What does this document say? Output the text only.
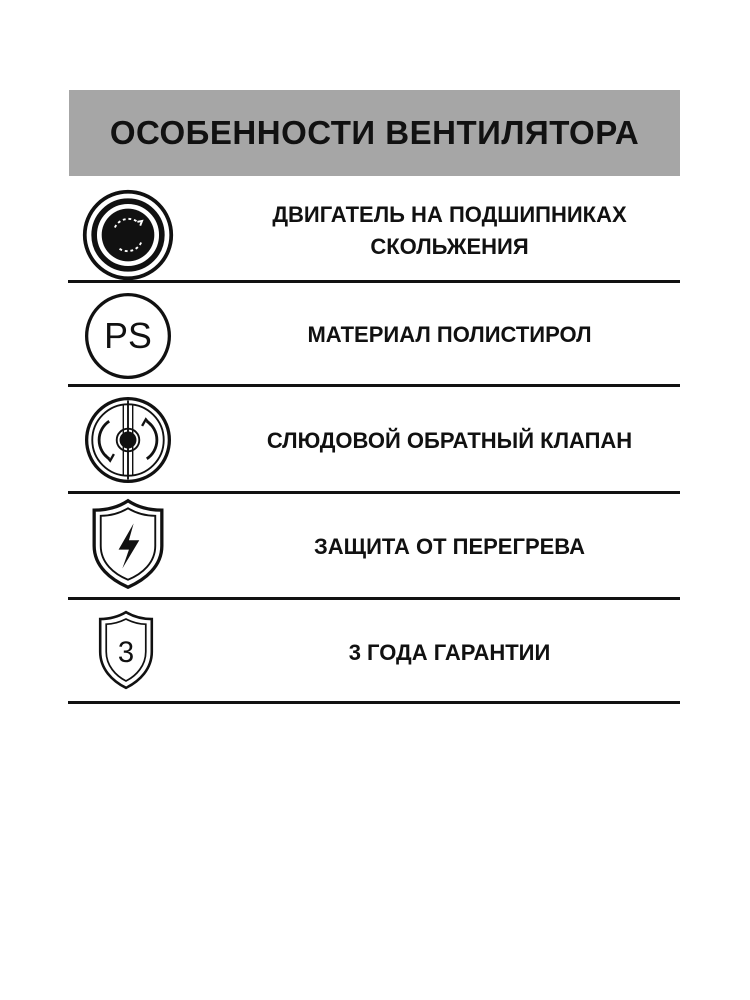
ОСОБЕННОСТИ ВЕНТИЛЯТОРА
ДВИГАТЕЛЬ НА ПОДШИПНИКАХ
СКОЛЬЖЕНИЯ
PS	МАТЕРИАЛ ПОЛИСТИРОЛ
СЛЮДОВОЙ ОБРАТНЫЙ КЛАПАН
ЗАЩИТА ОТ ПЕРЕГРЕВА
3	3 ГОДА ГАРАНТИИ
